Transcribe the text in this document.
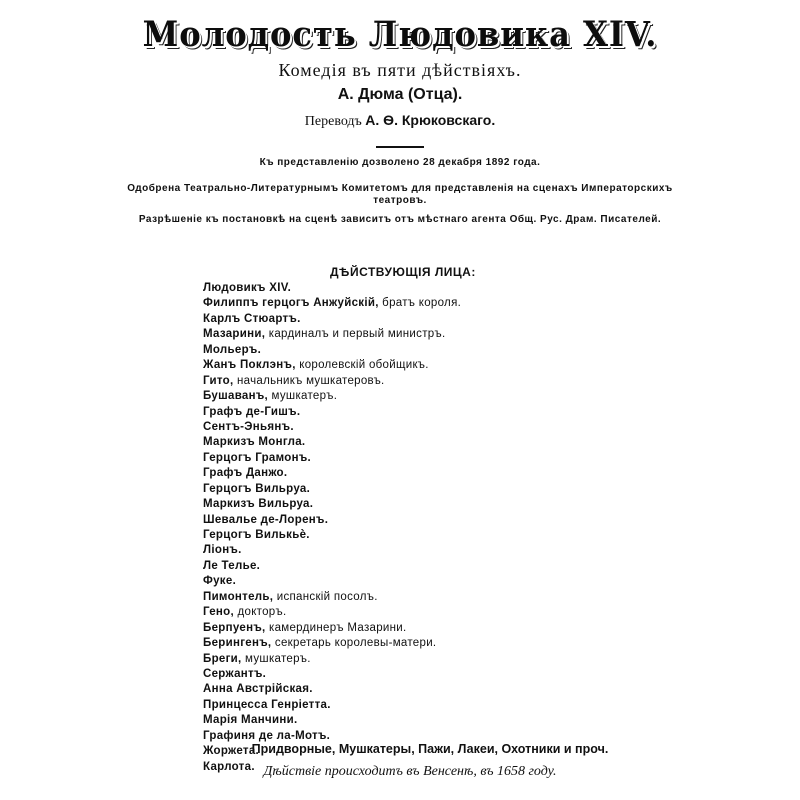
Молодость Людовика XIV.
Комедія въ пяти дѣйствіяхъ.
А. Дюма (Отца).
Переводъ А. Ѳ. Крюковскаго.
Къ представленію дозволено 28 декабря 1892 года.
Одобрена Театрально-Литературнымъ Комитетомъ для представленія на сценахъ Императорскихъ
театровъ.
Разрѣшеніе къ постановкѣ на сценѣ зависитъ отъ мѣстнаго агента Общ. Рус. Драм. Писателей.
ДѢЙСТВУЮЩІЯ ЛИЦА:
Людовикъ XIV.
Филиппъ герцогъ Анжуйскій, братъ короля.
Карлъ Стюартъ.
Мазарини, кардиналъ и первый министръ.
Мольеръ.
Жанъ Поклэнъ, королевскій обойщикъ.
Гито, начальникъ мушкатеровъ.
Бушаванъ, мушкатеръ.
Графъ де-Гишъ.
Сентъ-Эньянъ.
Маркизъ Монгла.
Герцогъ Грамонъ.
Графъ Данжо.
Герцогъ Вильруа.
Маркизъ Вильруа.
Шевалье де-Лоренъ.
Герцогъ Вилькьѐ.
Ліонъ.
Ле Телье.
Фуке.
Пимонтель, испанскій посолъ.
Гено, докторъ.
Берпуенъ, камердинеръ Мазарини.
Берингенъ, секретарь королевы-матери.
Бреги, мушкатеръ.
Сержантъ.
Анна Австрійская.
Принцесса Генріетта.
Марія Манчини.
Графиня де ла-Мотъ.
Жоржета.
Карлота.
Придворные, Мушкатеры, Пажи, Лакеи, Охотники и проч.
Дѣйствіе происходитъ въ Венсенѣ, въ 1658 году.
